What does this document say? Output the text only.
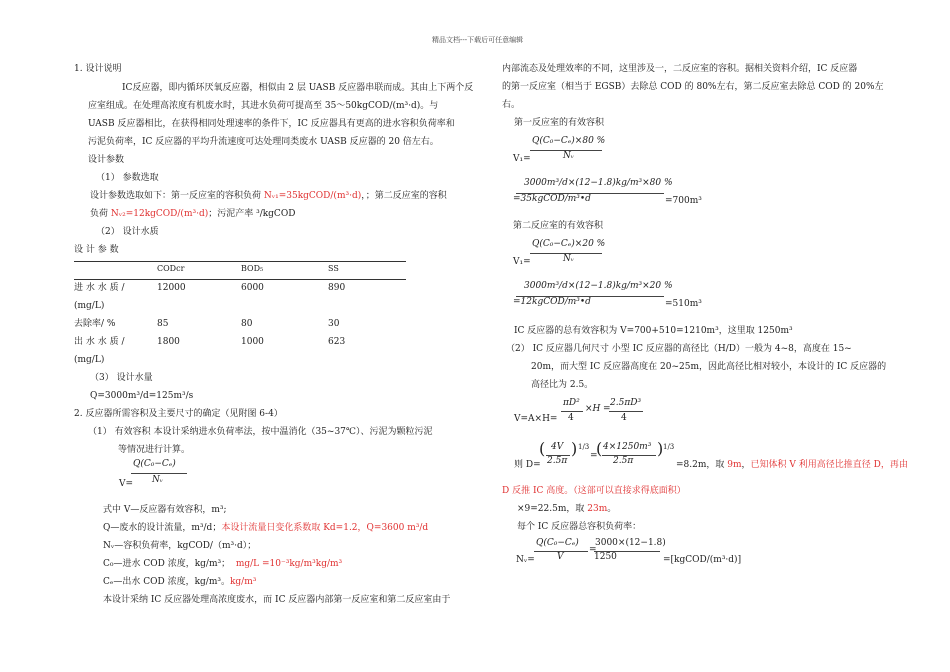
精品文档---下载后可任意编辑
1. 设计说明
IC反应器，即内循环厌氧反应器，相似由 2 层 UASB 反应器串联而成。其由上下两个反
应室组成。在处理高浓度有机废水时，其进水负荷可提高至 35～50kgCOD/(m³·d)。与
UASB 反应器相比，在获得相同处理速率的条件下，IC 反应器具有更高的进水容积负荷率和
污泥负荷率，IC 反应器的平均升流速度可达处理同类废水 UASB 反应器的 20 倍左右。
设计参数
（1） 参数选取
设计参数选取如下：第一反应室的容积负荷 Nᵥ₁=35kgCOD/(m³·d)，；第二反应室的容积
负荷 Nᵥ₂=12kgCOD/(m³·d)；污泥产率 ³/kgCOD
（2） 设计水质
设 计 参 数
CODcr	BOD₅	SS
进 水 水 质 /	12000	6000	890
(mg/L)
去除率/ %	85	80	30
出 水 水 质 /	1800	1000	623
(mg/L)
（3） 设计水量
Q=3000m³/d=125m³/s
2. 反应器所需容积及主要尺寸的确定（见附图 6-4）
（1） 有效容积 本设计采纳进水负荷率法，按中温消化（35~37℃）、污泥为颗粒污泥
等情况进行计算。
V=
Q(C₀−Cₑ)
Nᵥ
式中 V—反应器有效容积，m³;
Q—废水的设计流量，m³/d；本设计流量日变化系数取 Kd=1.2，Q=3600 m³/d
Nᵥ—容积负荷率，kgCOD/（m³·d）；
C₀—进水 COD 浓度，kg/m³； mg/L =10⁻³kg/m³kg/m³
Cₑ—出水 COD 浓度，kg/m³。kg/m³
本设计采纳 IC 反应器处理高浓度废水，而 IC 反应器内部第一反应室和第二反应室由于
内部流态及处理效率的不同，这里涉及一，二反应室的容积。据相关资料介绍，IC 反应器
的第一反应室（相当于 EGSB）去除总 COD 的 80%左右，第二反应室去除总 COD 的 20%左
右。
第一反应室的有效容积
V₁=
Q(C₀−Cₑ)×80 %
Nᵥ
3000m³/d×(12−1.8)kg/m³×80 %
=35kgCOD/m³•d	=700m³
第二反应室的有效容积
V₁=
Q(C₀−Cₑ)×20 %
Nᵥ
3000m³/d×(12−1.8)kg/m³×20 %
=12kgCOD/m³•d	=510m³
IC 反应器的总有效容积为 V=700+510=1210m³，这里取 1250m³
（2） IC 反应器几何尺寸 小型 IC 反应器的高径比（H/D）一般为 4~8，高度在 15~
20m，而大型 IC 反应器高度在 20~25m，因此高径比相对较小，本设计的 IC 反应器的
高径比为 2.5。
V=A×H=
πD²
4
×H =
2.5πD³
4
则 D=
( 4V
2.5π
) 1/3
=
( 4×1250m³
2.5π
) 1/3
=8.2m，取 9m，已知体积 V 利用高径比推直径 D，再由
D 反推 IC 高度。（这部可以直接求得底面积）
×9=22.5m，取 23m。
每个 IC 反应器总容积负荷率：
Nᵥ=
Q(C₀−Cₑ)
V
=
3000×(12−1.8)
1250	=[kgCOD/(m³·d)]
